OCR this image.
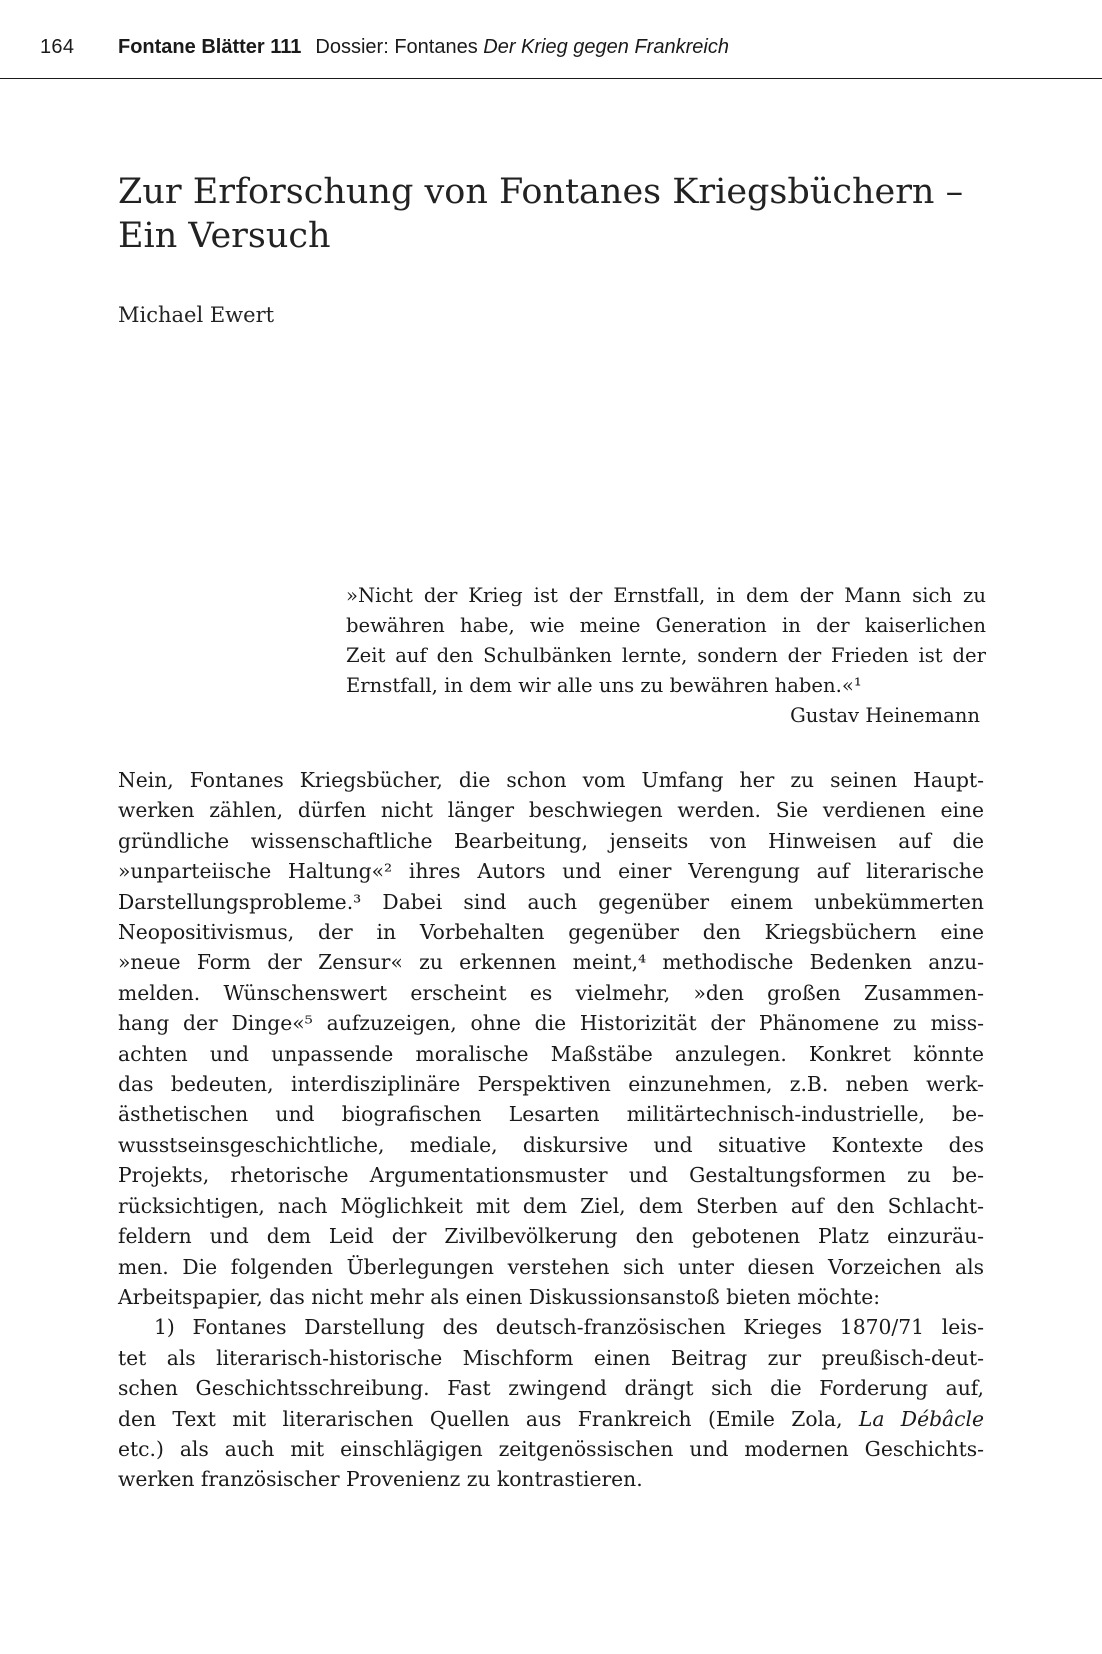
164 Fontane Blätter 111 Dossier: Fontanes Der Krieg gegen Frankreich
Zur Erforschung von Fontanes Kriegsbüchern –
Ein Versuch
Michael Ewert
»Nicht der Krieg ist der Ernstfall, in dem der Mann sich zu
bewähren habe, wie meine Generation in der kaiserlichen
Zeit auf den Schulbänken lernte, sondern der Frieden ist der
Ernstfall, in dem wir alle uns zu bewähren haben.«¹
Gustav Heinemann
Nein, Fontanes Kriegsbücher, die schon vom Umfang her zu seinen Haupt-
werken zählen, dürfen nicht länger beschwiegen werden. Sie verdienen eine
gründliche wissenschaftliche Bearbeitung, jenseits von Hinweisen auf die
»unparteiische Haltung«² ihres Autors und einer Verengung auf literarische
Darstellungsprobleme.³ Dabei sind auch gegenüber einem unbekümmerten
Neopositivismus, der in Vorbehalten gegenüber den Kriegsbüchern eine
»neue Form der Zensur« zu erkennen meint,⁴ methodische Bedenken anzu-
melden. Wünschenswert erscheint es vielmehr, »den großen Zusammen-
hang der Dinge«⁵ aufzuzeigen, ohne die Historizität der Phänomene zu miss-
achten und unpassende moralische Maßstäbe anzulegen. Konkret könnte
das bedeuten, interdisziplinäre Perspektiven einzunehmen, z.B. neben werk-
ästhetischen und biografischen Lesarten militärtechnisch-industrielle, be-
wusstseinsgeschichtliche, mediale, diskursive und situative Kontexte des
Projekts, rhetorische Argumentationsmuster und Gestaltungsformen zu be-
rücksichtigen, nach Möglichkeit mit dem Ziel, dem Sterben auf den Schlacht-
feldern und dem Leid der Zivilbevölkerung den gebotenen Platz einzuräu-
men. Die folgenden Überlegungen verstehen sich unter diesen Vorzeichen als
Arbeitspapier, das nicht mehr als einen Diskussionsanstoß bieten möchte:
1) Fontanes Darstellung des deutsch-französischen Krieges 1870/71 leis-
tet als literarisch-historische Mischform einen Beitrag zur preußisch-deut-
schen Geschichtsschreibung. Fast zwingend drängt sich die Forderung auf,
den Text mit literarischen Quellen aus Frankreich (Emile Zola, La Débâcle
etc.) als auch mit einschlägigen zeitgenössischen und modernen Geschichts-
werken französischer Provenienz zu kontrastieren.
